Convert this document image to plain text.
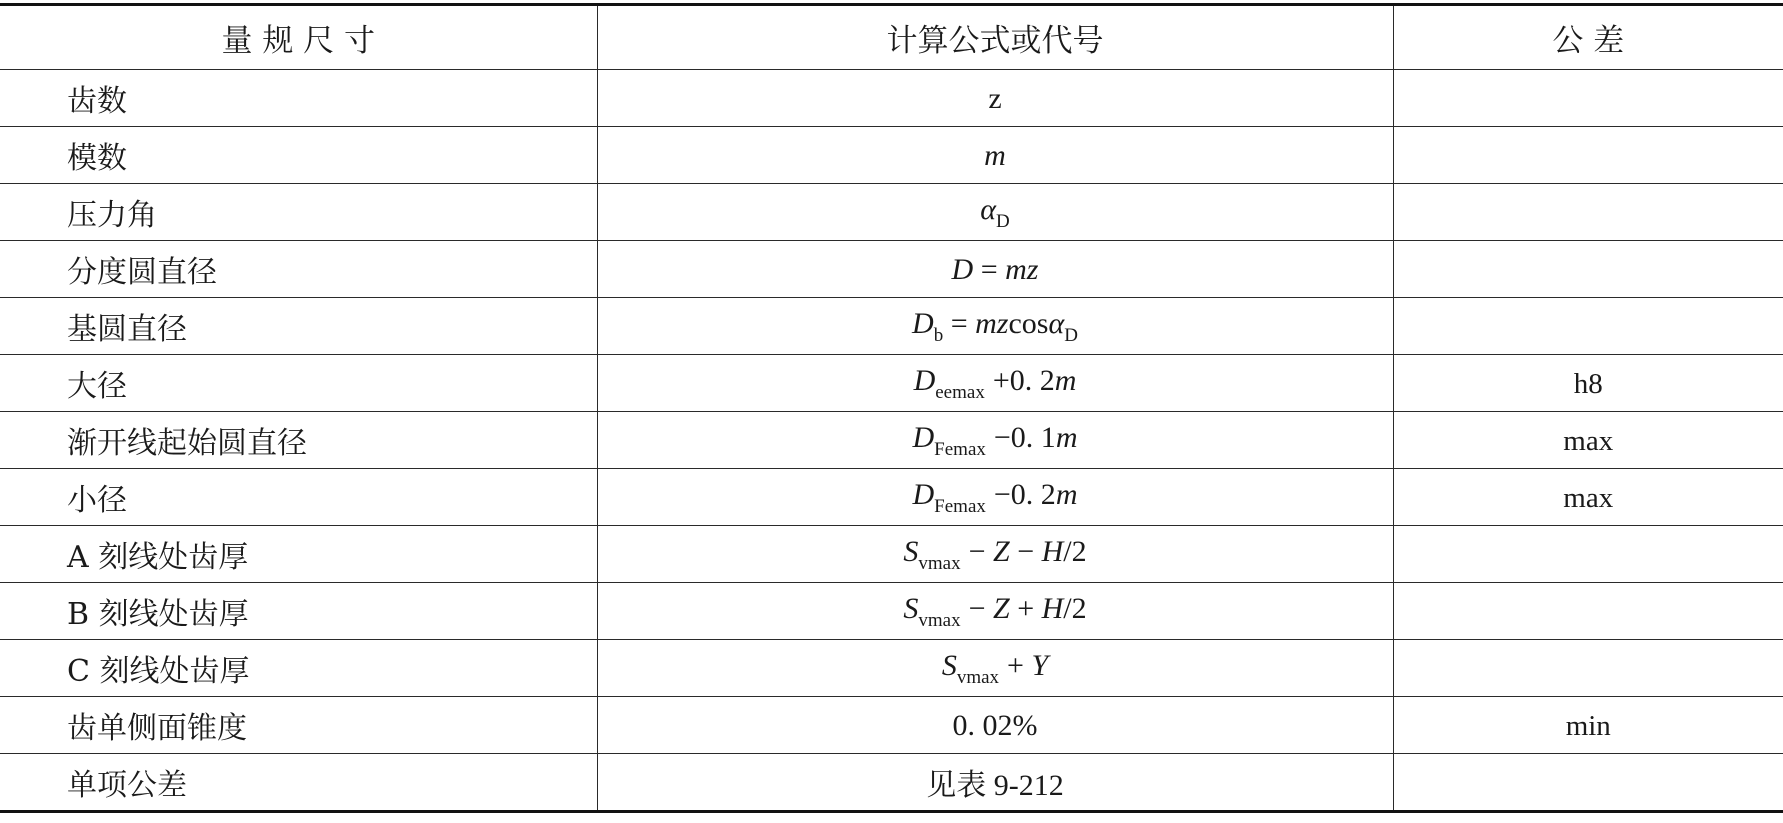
量 规 尺 寸	计算公式或代号	公 差
齿数	z	
模数	m	
压力角	$\alpha_D$	
分度圆直径	D = mz	
基圆直径	$D_b = mzcos\alpha_D$	
大径	$D_{eemax} +0$. 2m	h8
渐开线起始圆直径	$D_{Femax} -0$. 1m	max
小径	$D_{Femax} -0$. 2m	max
A 刻线处齿厚	$S_{vmax} - Z - H/2$	
B 刻线处齿厚	$S_{vmax} - Z + H/2$	
C 刻线处齿厚	$S_{vmax} + Y$	
齿单侧面锥度	0. 02%	min
单项公差	见表 9-212	
